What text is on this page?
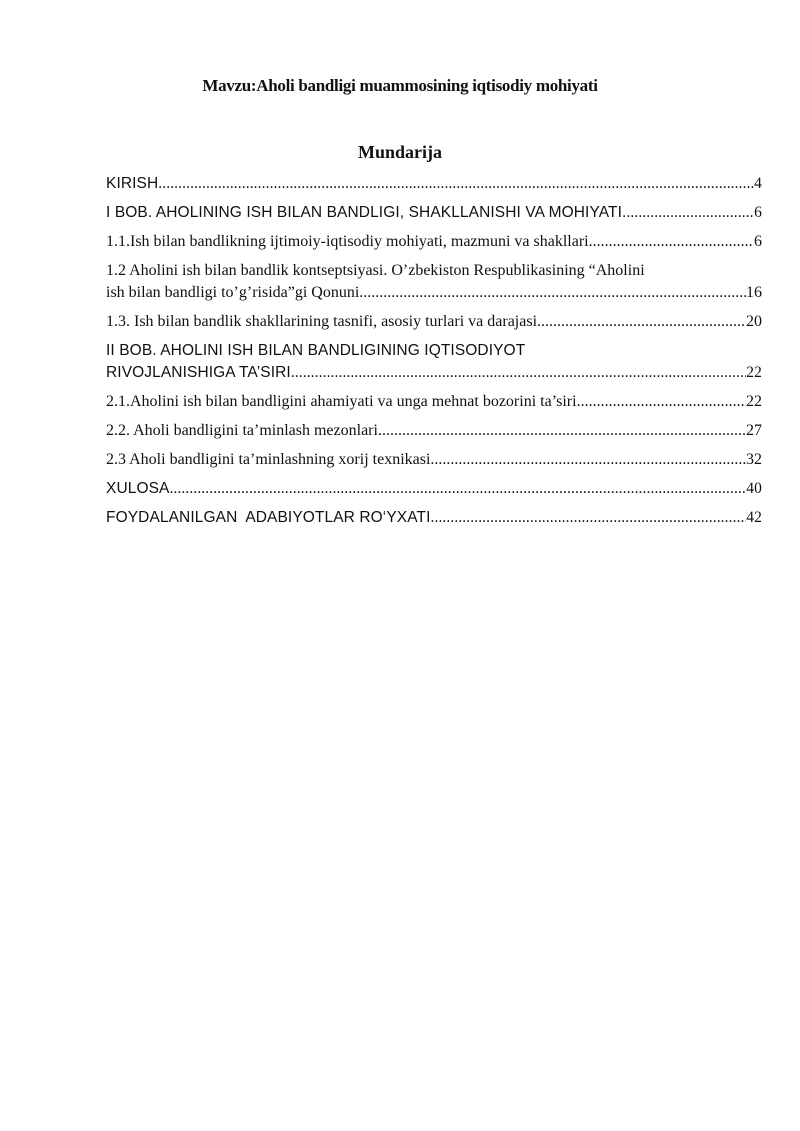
Mavzu:Aholi bandligi muammosining iqtisodiy mohiyati
Mundarija
KIRISH .....	4
I BOB. AHOLINING ISH BILAN BANDLIGI, SHAKLLANISHI VA MOHIYATI. .....	6
1.1.Ish bilan bandlikning ijtimoiy-iqtisodiy mohiyati, mazmuni va shakllari .....	6
1.2 Aholini ish bilan bandlik kontseptsiyasi. O’zbekiston Respublikasining “Aholini
ish bilan bandligi to’g’risida”gi Qonuni .....	16
1.3. Ish bilan bandlik shakllarining tasnifi, asosiy turlari va darajasi .....	20
II BOB. AHOLINI ISH BILAN BANDLIGINING IQTISODIYOT
RIVOJLANISHIGA TA’SIRI .....	22
2.1.Aholini ish bilan bandligini ahamiyati va unga mehnat bozorini ta’siri .....	22
2.2. Aholi bandligini ta’minlash mezonlari .....	27
2.3 Aholi bandligini ta’minlashning xorij texnikasi .....	32
XULOSA .....	40
FOYDALANILGAN  ADABIYOTLAR RO‘YXATI .....	42
